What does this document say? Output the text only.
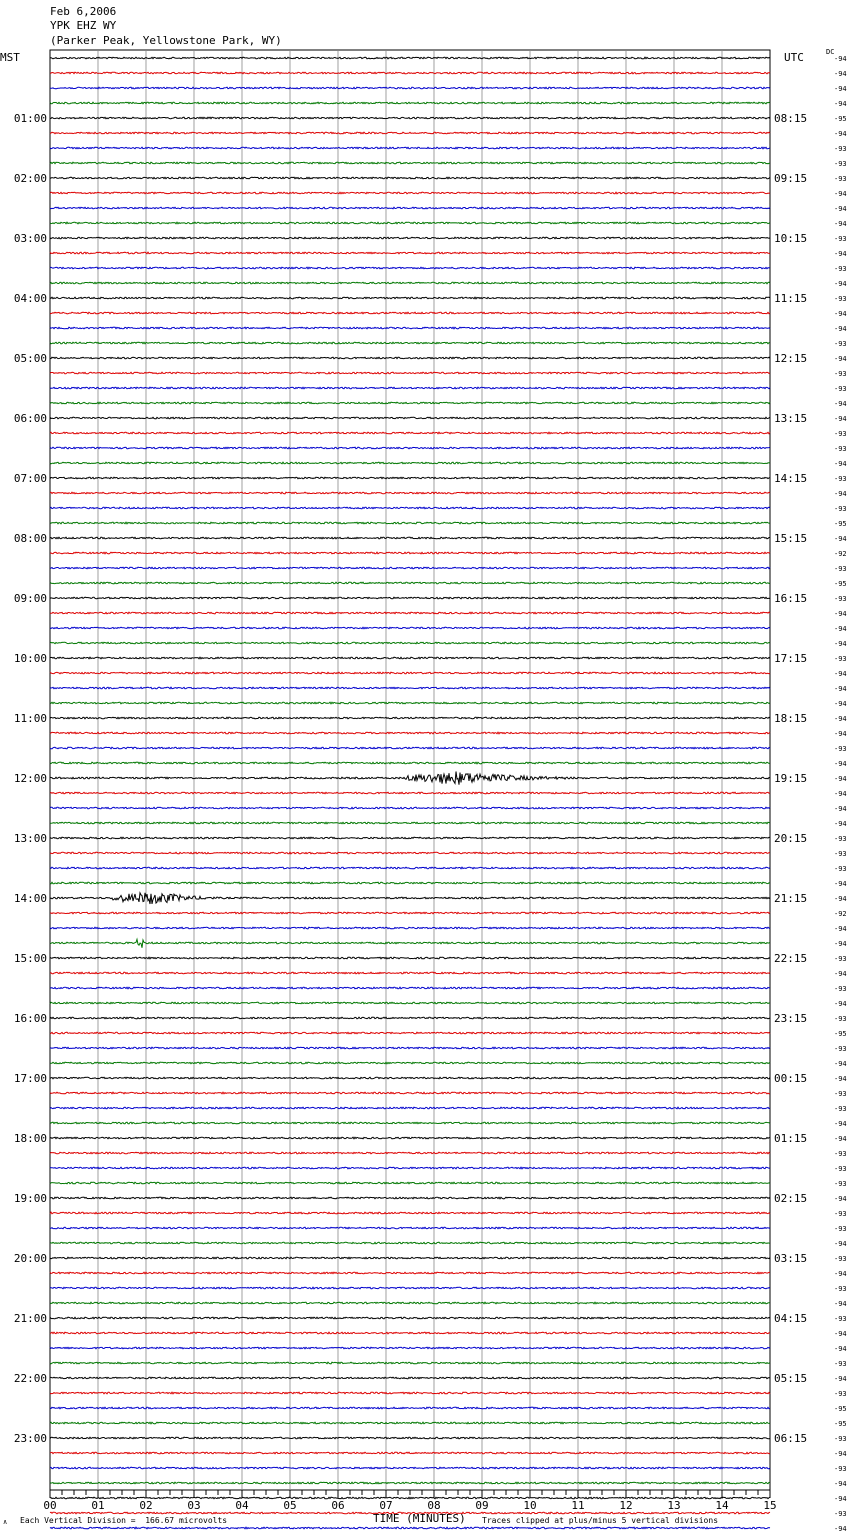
Feb 6,2006
YPK EHZ WY
(Parker Peak, Yellowstone Park, WY)
MST	UTC	DC
-94
-94
-94
-94
-95
-94
-93
-93
-93
-94
-94
-94
-93
-94
-93
-94
-93
-94
-94
-93
-94
-93
-93
-94
-94
-93
-93
-94
-93
-94
-93
-95
-94
-92
-93
-95
-93
-94
-94
-94
-93
-94
-94
-94
-94
-94
-93
-94
-94
-94
-94
-94
-93
-93
-93
-94
-94
-92
-94
-94
-93
-94
-93
-94
-93
-95
-93
-94
-94
-93
-93
-94
-94
-93
-93
-93
-94
-93
-93
-94
-93
-94
-93
-94
-93
-94
-94
-93
-94
-93
-95
-95
-93
-94
-93
-94
-94
-93
-94
01:00
02:00
03:00
04:00
05:00
06:00
07:00
08:00
09:00
10:00
11:00
12:00
13:00
14:00
15:00
16:00
17:00
18:00
19:00
20:00
21:00
22:00
23:00
08:15
09:15
10:15
11:15
12:15
13:15
14:15
15:15
16:15
17:15
18:15
19:15
20:15
21:15
22:15
23:15
00:15
01:15
02:15
03:15
04:15
05:15
06:15
00	01	02	03	04	05	06	07	08	09	10	11	12	13	14	15
∧ Each Vertical Division =  166.67 microvolts	TIME (MINUTES) Traces clipped at plus/minus 5 vertical divisions
